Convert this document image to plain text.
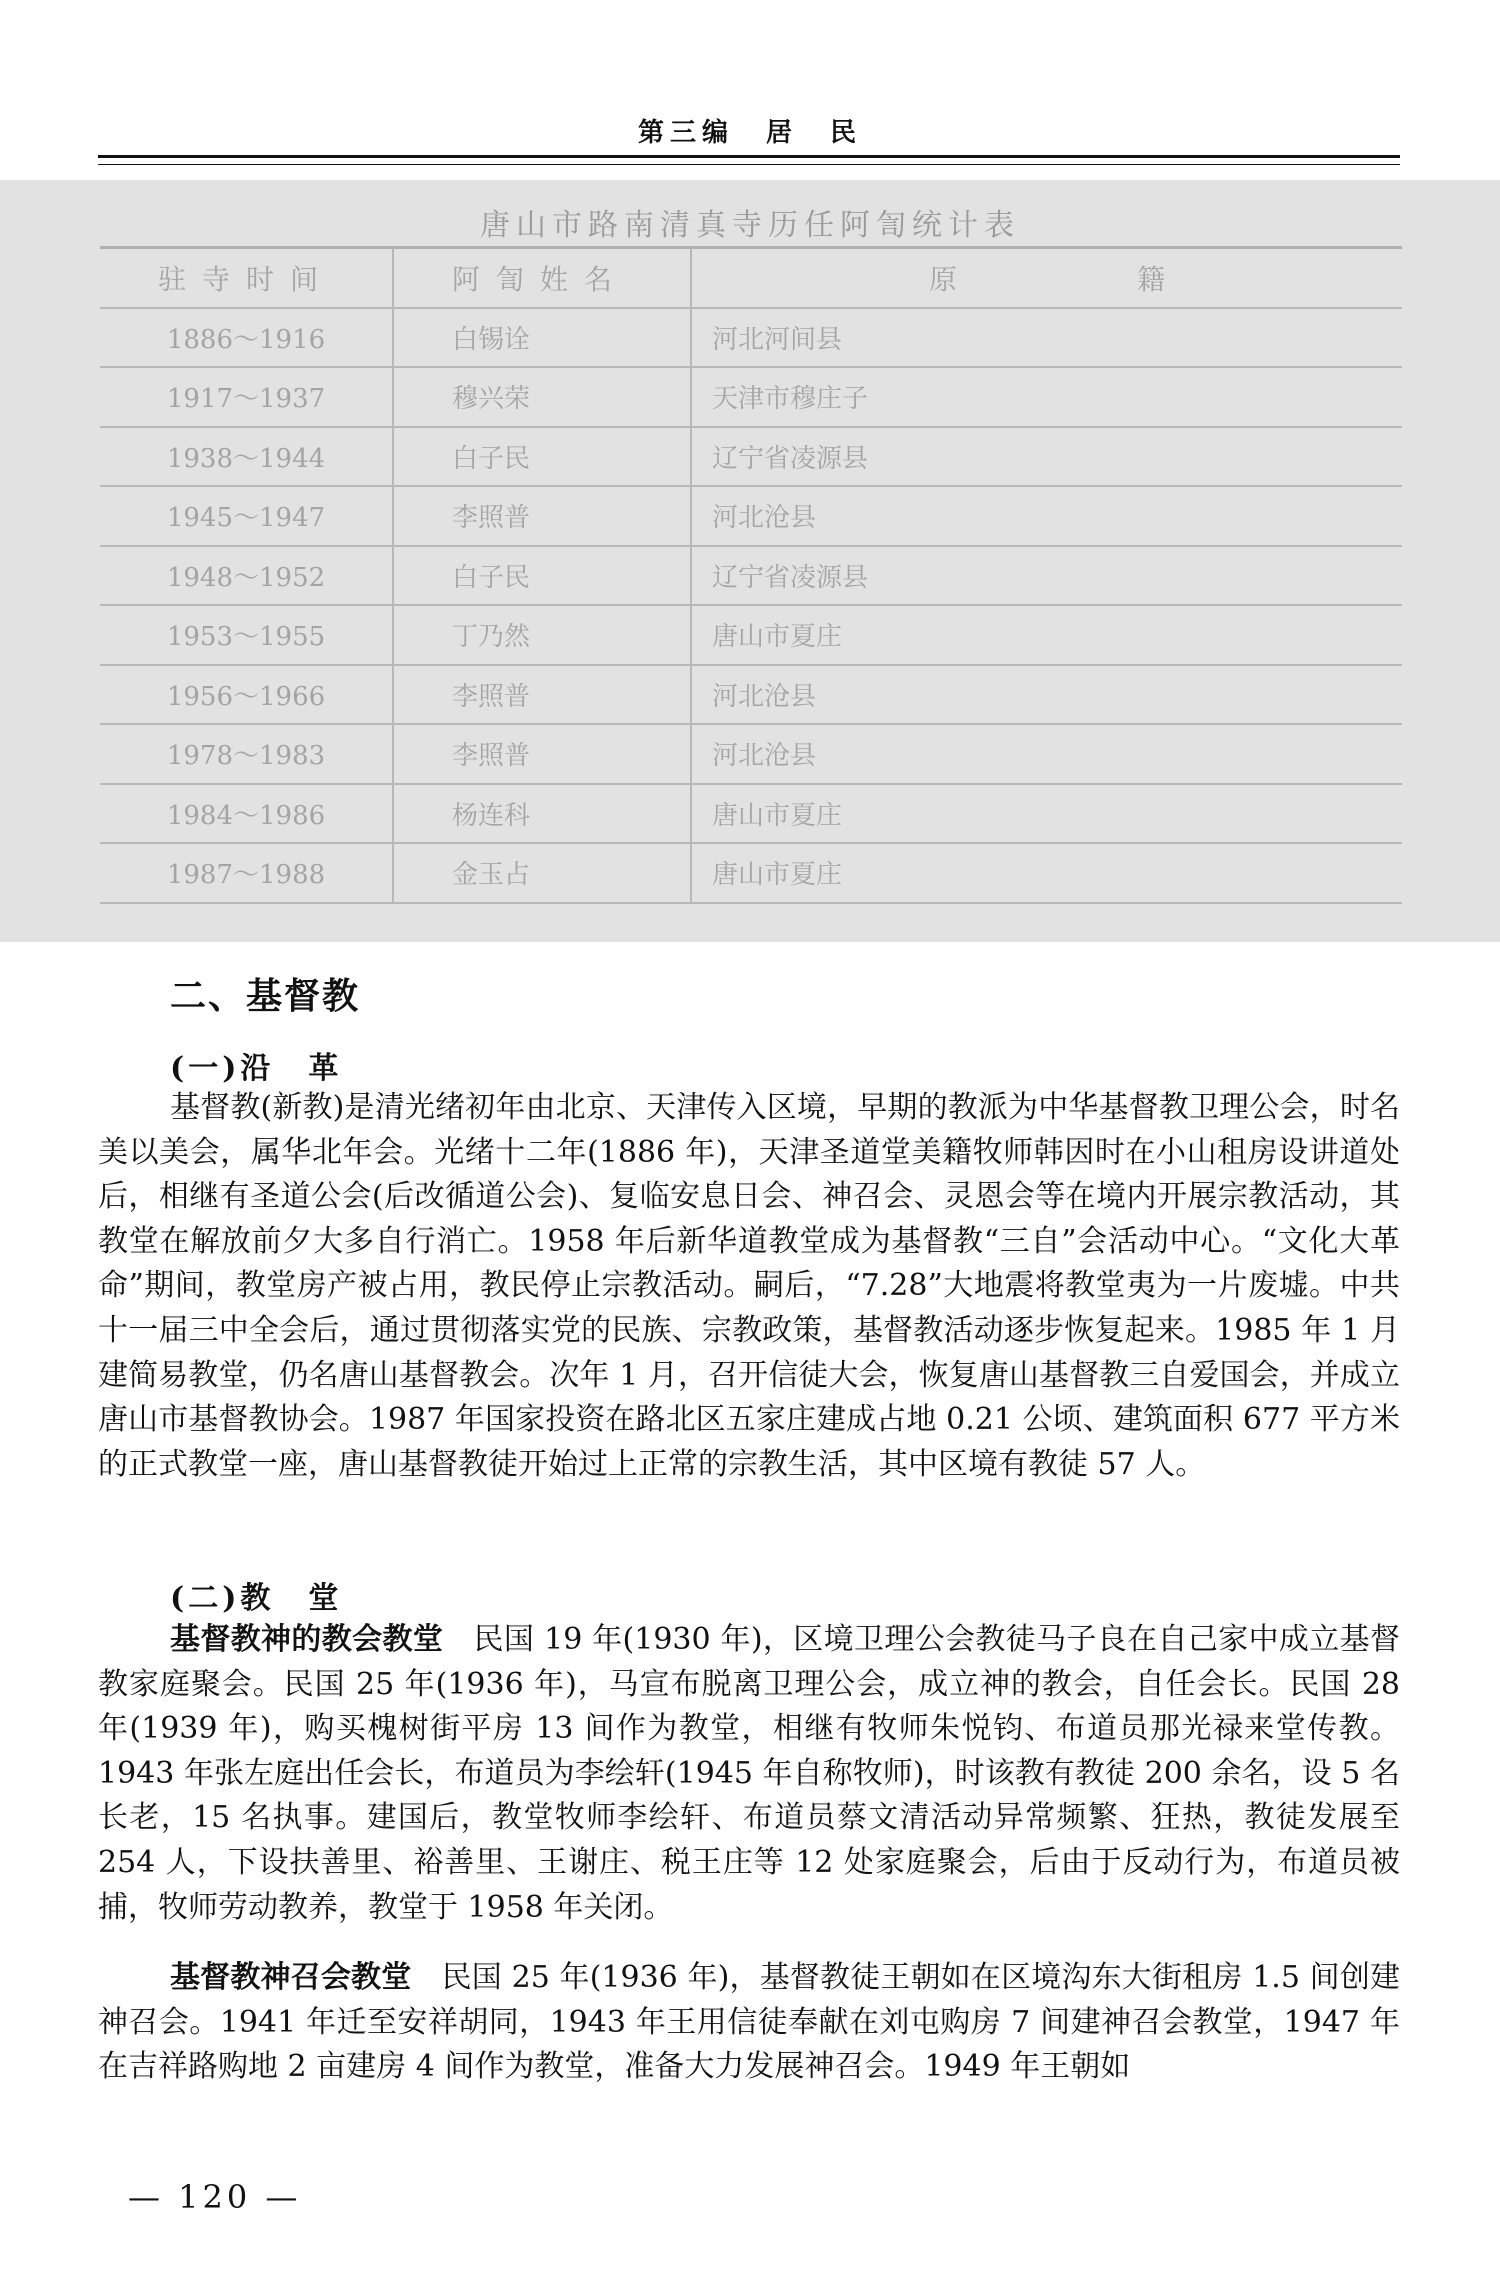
第三编　居　民
唐山市路南清真寺历任阿訇统计表
驻寺时间	阿訇姓名	原 籍
1886～1916	白锡诠	河北河间县
1917～1937	穆兴荣	天津市穆庄子
1938～1944	白子民	辽宁省凌源县
1945～1947	李照普	河北沧县
1948～1952	白子民	辽宁省凌源县
1953～1955	丁乃然	唐山市夏庄
1956～1966	李照普	河北沧县
1978～1983	李照普	河北沧县
1984～1986	杨连科	唐山市夏庄
1987～1988	金玉占	唐山市夏庄
二、基督教
(一)沿　革

基督教(新教)是清光绪初年由北京、天津传入区境，早期的教派为中华基督教卫理公会，时名美以美会，属华北年会。光绪十二年(1886 年)，天津圣道堂美籍牧师韩因时在小山租房设讲道处后，相继有圣道公会(后改循道公会)、复临安息日会、神召会、灵恩会等在境内开展宗教活动，其教堂在解放前夕大多自行消亡。1958 年后新华道教堂成为基督教“三自”会活动中心。“文化大革命”期间，教堂房产被占用，教民停止宗教活动。嗣后，“7.28”大地震将教堂夷为一片废墟。中共十一届三中全会后，通过贯彻落实党的民族、宗教政策，基督教活动逐步恢复起来。1985 年 1 月建简易教堂，仍名唐山基督教会。次年 1 月，召开信徒大会，恢复唐山基督教三自爱国会，并成立唐山市基督教协会。1987 年国家投资在路北区五家庄建成占地 0.21 公顷、建筑面积 677 平方米的正式教堂一座，唐山基督教徒开始过上正常的宗教生活，其中区境有教徒 57 人。

(二)教　堂

基督教神的教会教堂　民国 19 年(1930 年)，区境卫理公会教徒马子良在自己家中成立基督教家庭聚会。民国 25 年(1936 年)，马宣布脱离卫理公会，成立神的教会，自任会长。民国 28 年(1939 年)，购买槐树街平房 13 间作为教堂，相继有牧师朱悦钧、布道员那光禄来堂传教。1943 年张左庭出任会长，布道员为李绘轩(1945 年自称牧师)，时该教有教徒 200 余名，设 5 名长老，15 名执事。建国后，教堂牧师李绘轩、布道员蔡文清活动异常频繁、狂热，教徒发展至 254 人，下设扶善里、裕善里、王谢庄、税王庄等 12 处家庭聚会，后由于反动行为，布道员被捕，牧师劳动教养，教堂于 1958 年关闭。

基督教神召会教堂　民国 25 年(1936 年)，基督教徒王朝如在区境沟东大街租房 1.5 间创建神召会。1941 年迁至安祥胡同，1943 年王用信徒奉献在刘屯购房 7 间建神召会教堂，1947 年在吉祥路购地 2 亩建房 4 间作为教堂，准备大力发展神召会。1949 年王朝如

— 120 —
